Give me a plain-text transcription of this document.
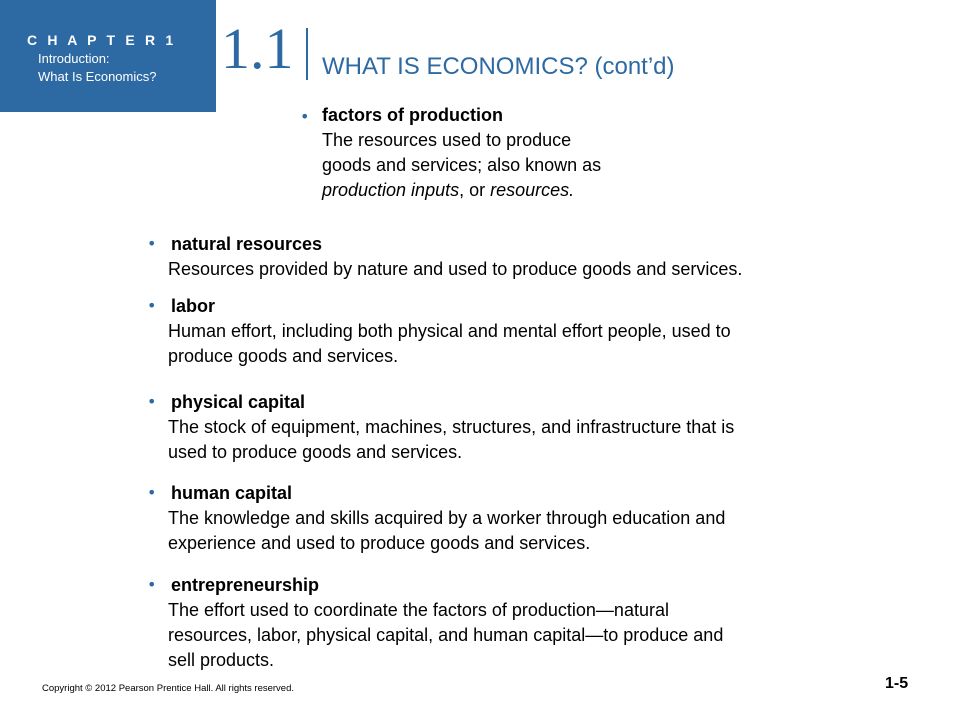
C H A P T E R 1
Introduction:
What Is Economics? 1.1 WHAT IS ECONOMICS? (cont’d)
• factors of production
The resources used to produce
goods and services; also known as
production inputs, or resources.
• natural resources
Resources provided by nature and used to produce goods and services.
• labor
Human effort, including both physical and mental effort people, used to
produce goods and services.
• physical capital
The stock of equipment, machines, structures, and infrastructure that is
used to produce goods and services.
• human capital
The knowledge and skills acquired by a worker through education and
experience and used to produce goods and services.
• entrepreneurship
The effort used to coordinate the factors of production—natural
resources, labor, physical capital, and human capital—to produce and
sell products.
Copyright © 2012 Pearson Prentice Hall. All rights reserved.	1-5
